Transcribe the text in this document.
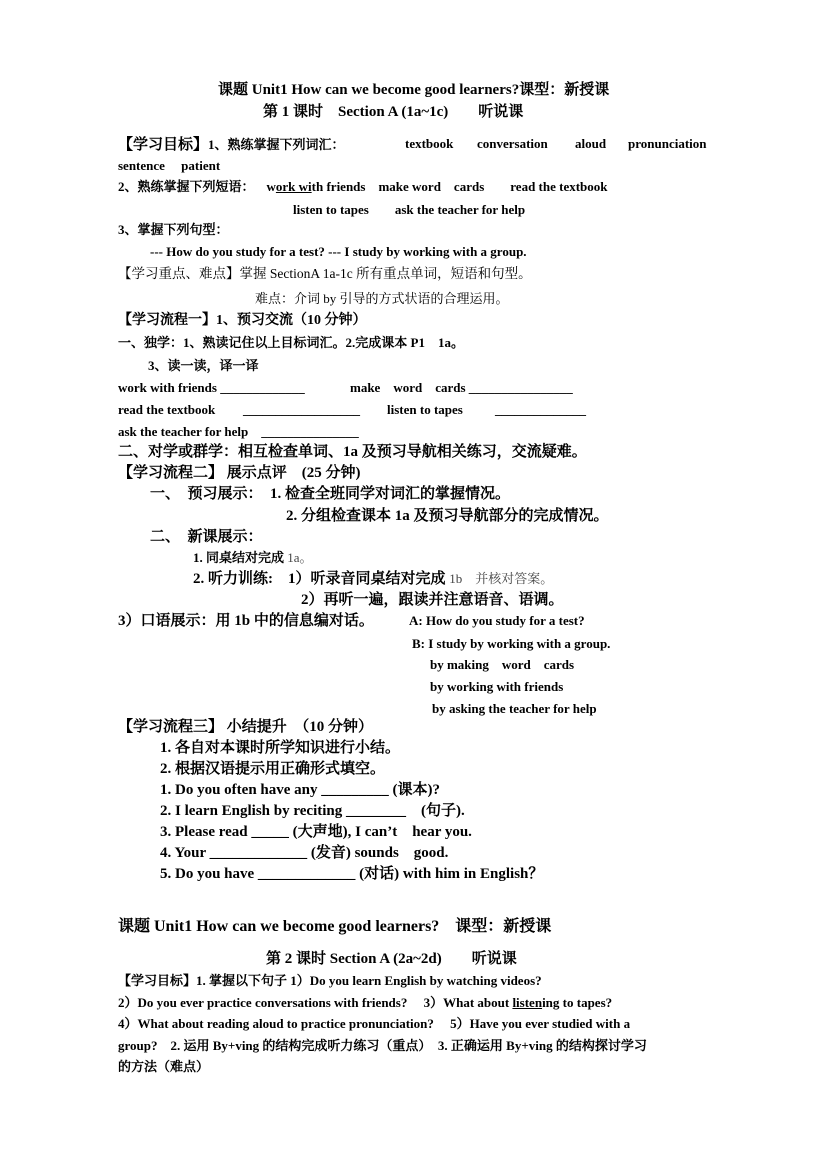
课题 Unit1 How can we become good learners?课型：新授课
第 1 课时　Section A (1a~1c)　　听说课
【学习目标】1、熟练掌握下列词汇：	textbook conversation aloud pronunciation
sentence　 patient
2、熟练掌握下列短语： work with friends　make word　cards　　read the textbook
listen to tapes　　ask the teacher for help
3、掌握下列句型：
--- How do you study for a test? --- I study by working with a group.
【学习重点、难点】掌握 SectionA 1a-1c 所有重点单词，短语和句型。
难点：介词 by 引导的方式状语的合理运用。
【学习流程一】1、预习交流（10 分钟）
一、独学：1、熟读记住以上目标词汇。2.完成课本 P1　1a。
3、读一读，译一译
work with friends _____________	make　word　cards ________________
read the textbook __________________ listen to tapes ______________
ask the teacher for help　_______________
二、对学或群学：相互检查单词、1a 及预习导航相关练习，交流疑难。
【学习流程二】 展示点评　(25 分钟)
一、　预习展示：　1. 检查全班同学对词汇的掌握情况。
2. 分组检查课本 1a 及预习导航部分的完成情况。
二、　新课展示：
1. 同桌结对完成 1a。
2. 听力训练:　1）听录音同桌结对完成 1b　并核对答案。
2）再听一遍，跟读并注意语音、语调。
3）口语展示：用 1b 中的信息编对话。	A: How do you study for a test?
B: I study by working with a group.
by making　word　cards
by working with friends
by asking the teacher for help
【学习流程三】 小结提升　（10 分钟）
1. 各自对本课时所学知识进行小结。
2. 根据汉语提示用正确形式填空。
1. Do you often have any _________ (课本)?
2. I learn English by reciting ________　(句子).
3. Please read _____ (大声地), I can’t　hear you.
4. Your _____________ (发音) sounds　good.
5. Do you have _____________ (对话) with him in English？
课题 Unit1 How can we become good learners?　课型：新授课
第 2 课时 Section A (2a~2d)　　听说课
【学习目标】1. 掌握以下句子 1）Do you learn English by watching videos?
2）Do you ever practice conversations with friends?　 3）What about listening to tapes?
4）What about reading aloud to practice pronunciation?　 5）Have you ever studied with a
group?　2. 运用 By+ving 的结构完成听力练习（重点）　3. 正确运用 By+ving 的结构探讨学习
的方法（难点）
